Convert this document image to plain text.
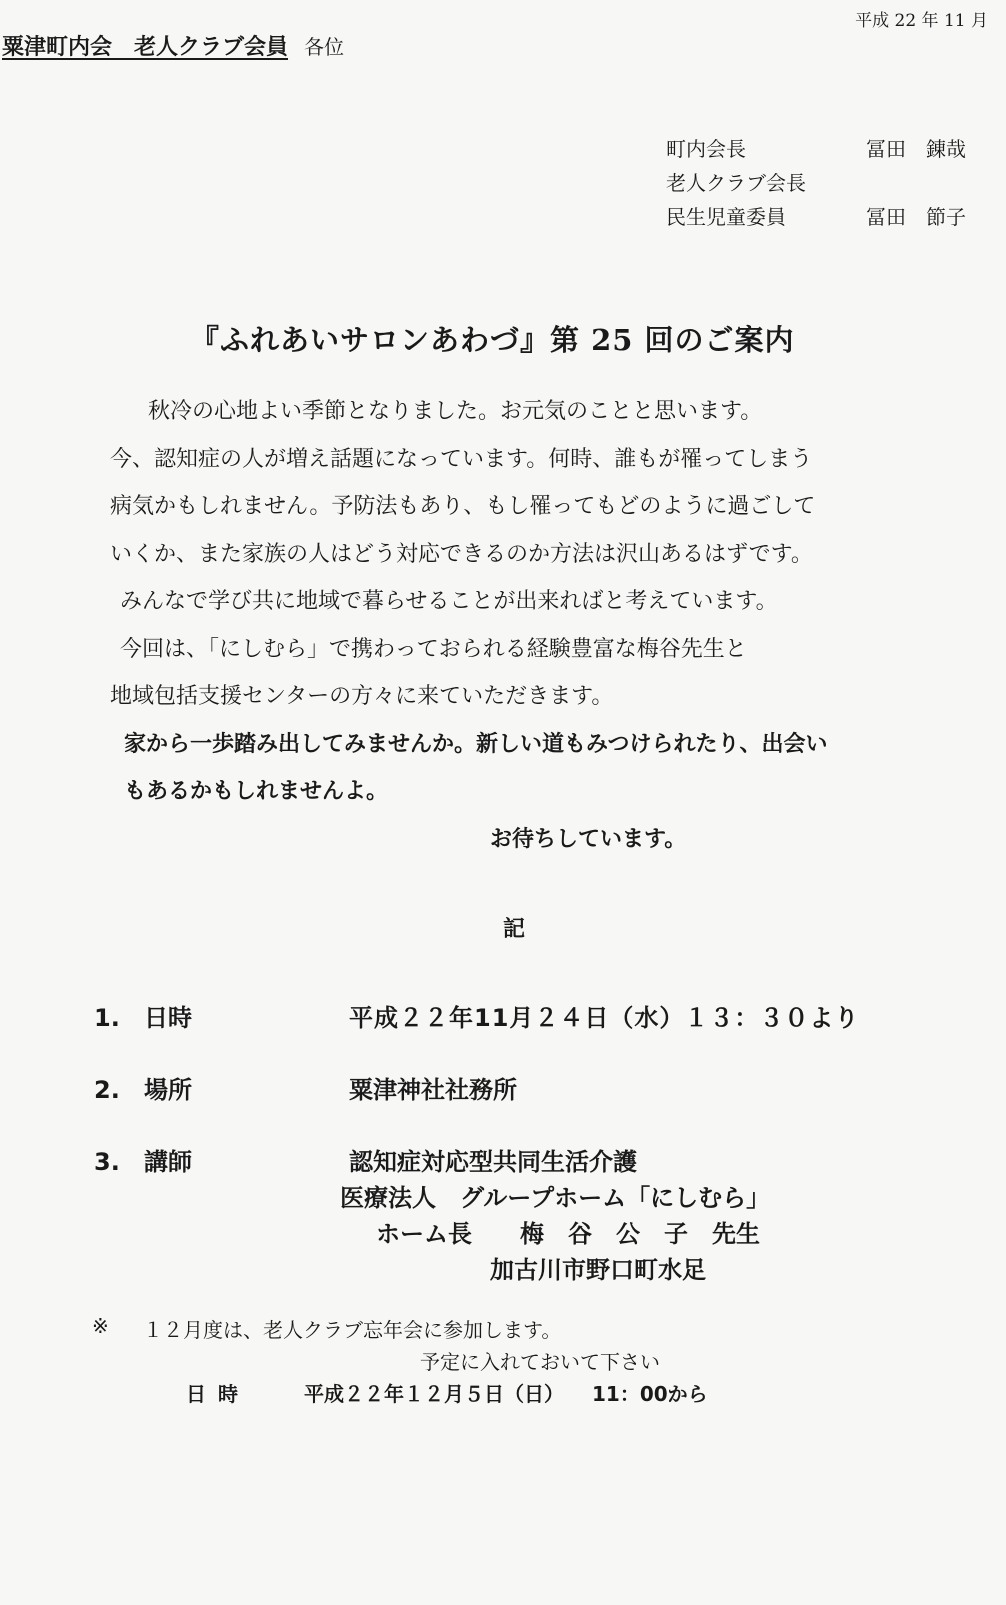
平成 22 年 11 月
粟津町内会　老人クラブ会員 各位
町内会長	冨田　錬哉
老人クラブ会長
民生児童委員	冨田　節子
『ふれあいサロンあわづ』第 25 回のご案内

　秋冷の心地よい季節となりました。お元気のことと思います。

今、認知症の人が増え話題になっています。何時、誰もが罹ってしまう

病気かもしれません。予防法もあり、もし罹ってもどのように過ごして

いくか、また家族の人はどう対応できるのか方法は沢山あるはずです。

みんなで学び共に地域で暮らせることが出来ればと考えています。

今回は、「にしむら」で携わっておられる経験豊富な梅谷先生と

地域包括支援センターの方々に来ていただきます。

家から一歩踏み出してみませんか。新しい道もみつけられたり、出会い

もあるかもしれませんよ。

お待ちしています。

記
1. 日時	平成２２年11月２４日（水）１３：３０より
2. 場所	粟津神社社務所
3. 講師	認知症対応型共同生活介護
医療法人　グループホーム「にしむら」
ホーム長　　梅　谷　公　子　先生
加古川市野口町水足
※ １２月度は、老人クラブ忘年会に参加します。
予定に入れておいて下さい
日時	平成２２年１２月５日（日） 11：00から
